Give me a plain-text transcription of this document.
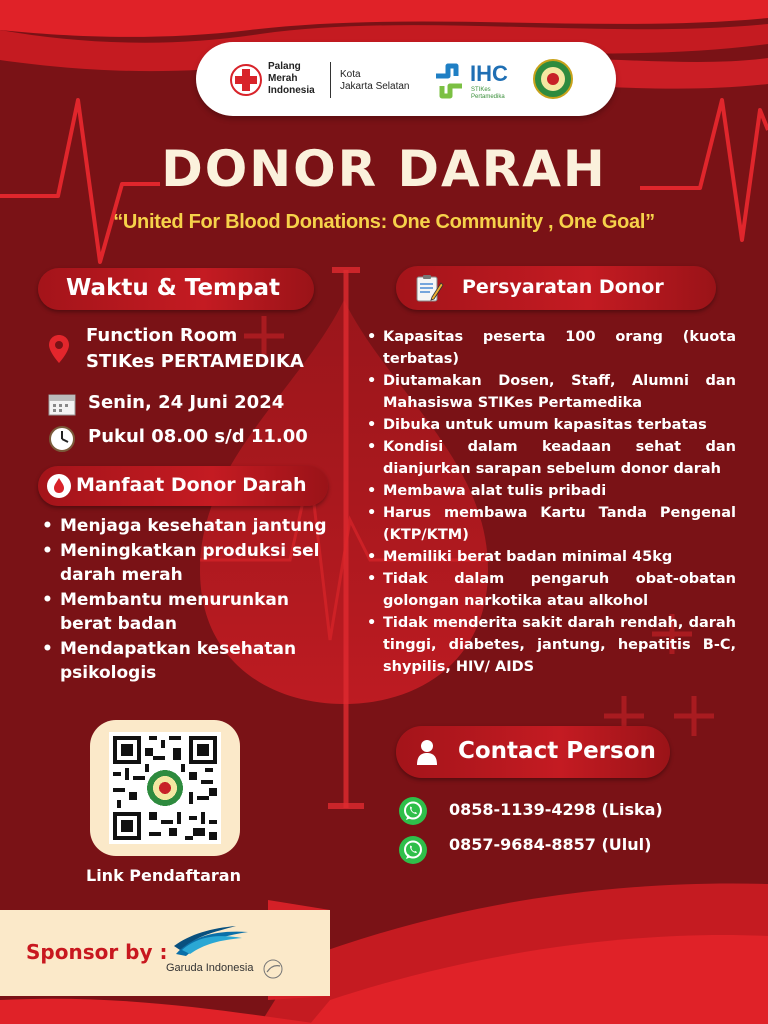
Palang
Merah
Indonesia
Kota
Jakarta Selatan
IHC
STIKes
Pertamedika
DONOR DARAH
“United For Blood Donations: One Community , One Goal”
Waktu & Tempat
Function Room
STIKes PERTAMEDIKA
Senin, 24 Juni 2024
Pukul 08.00 s/d 11.00
Manfaat Donor Darah
• Menjaga kesehatan jantung
• Meningkatkan produksi sel darah merah
• Membantu menurunkan berat badan
• Mendapatkan kesehatan psikologis
Link Pendaftaran
Persyaratan Donor
• Kapasitas peserta 100 orang (kuota terbatas)
• Diutamakan Dosen, Staff, Alumni dan Mahasiswa STIKes Pertamedika
• Dibuka untuk umum kapasitas terbatas
• Kondisi dalam keadaan sehat dan dianjurkan sarapan sebelum donor darah
• Membawa alat tulis pribadi
• Harus membawa Kartu Tanda Pengenal (KTP/KTM)
• Memiliki berat badan minimal 45kg
• Tidak dalam pengaruh obat-obatan golongan narkotika atau alkohol
• Tidak menderita sakit darah rendah, darah tinggi, diabetes, jantung, hepatitis B-C, shypilis, HIV/ AIDS
Contact Person
0858-1139-4298 (Liska)
0857-9684-8857 (Ulul)
Sponsor by :
Garuda Indonesia
